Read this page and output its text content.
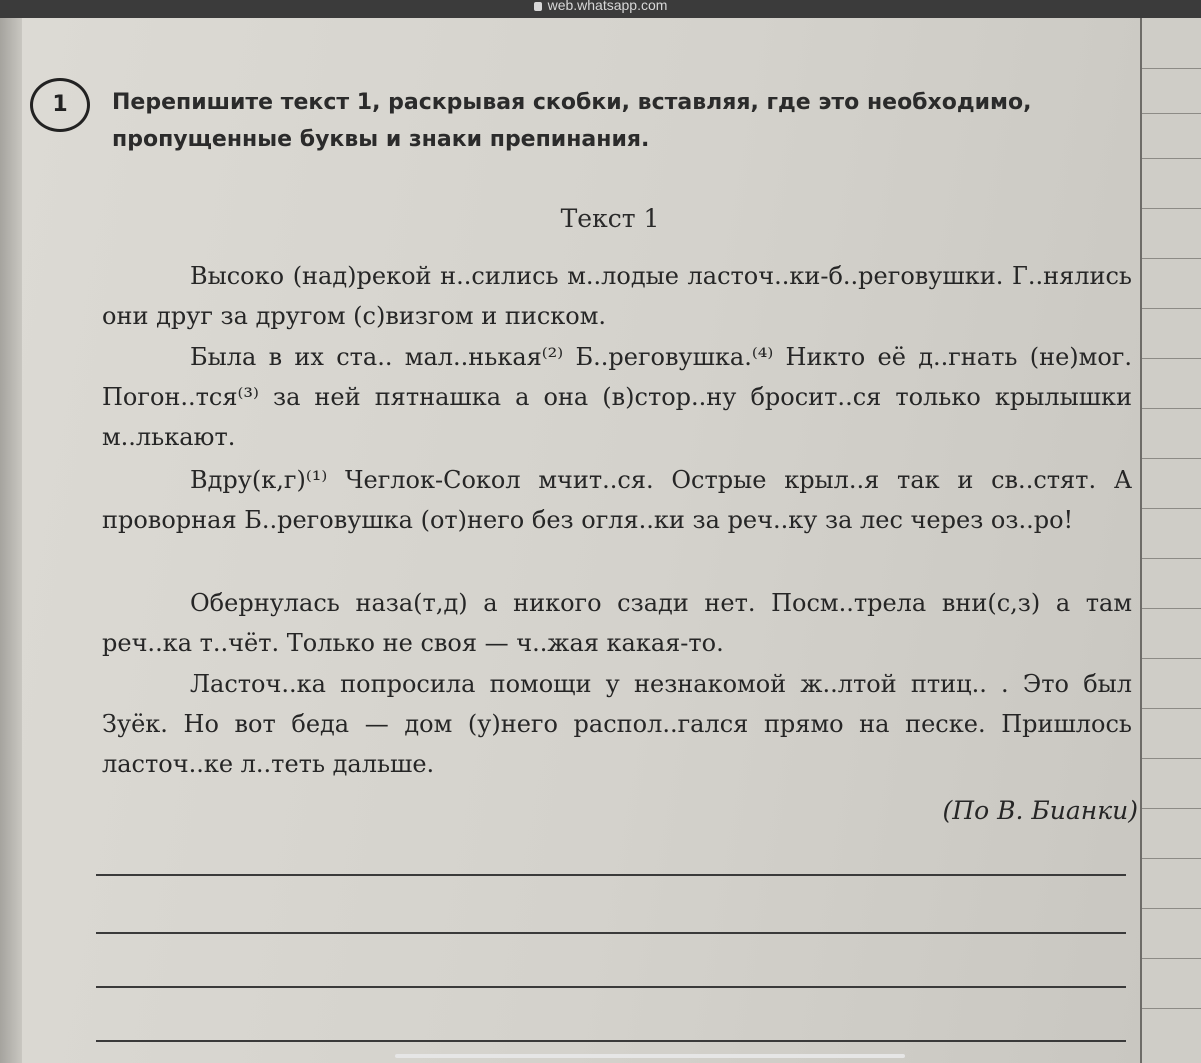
web.whatsapp.com
1	Перепишите текст 1, раскрывая скобки, вставляя, где это необходимо, пропущенные буквы и знаки препинания.
Текст 1
Высоко (над)рекой н..сились м..лодые ласточ..ки-б..реговушки. Г..нялись они друг за другом (с)визгом и писком.
Была в их ста.. мал..нькая⁽²⁾ Б..реговушка.⁽⁴⁾ Никто её д..гнать (не)мог. Погон..тся⁽³⁾ за ней пятнашка а она (в)стор..ну бросит..ся только крылышки м..лькают.
Вдру(к,г)⁽¹⁾ Чеглок-Сокол мчит..ся. Острые крыл..я так и св..стят. А проворная Б..реговушка (от)него без огля..ки за реч..ку за лес через оз..ро!
Обернулась наза(т,д) а никого сзади нет. Посм..трела вни(с,з) а там реч..ка т..чёт. Только не своя — ч..жая какая-то.
Ласточ..ка попросила помощи у незнакомой ж..лтой птиц.. . Это был Зуёк. Но вот беда — дом (у)него распол..гался прямо на песке. Пришлось ласточ..ке л..теть дальше.
(По В. Бианки)
